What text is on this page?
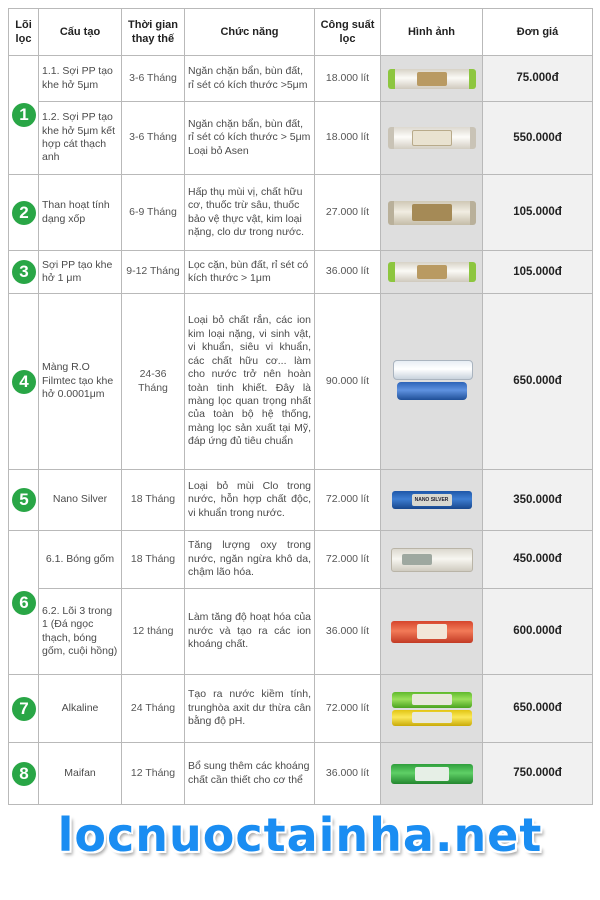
Lõi lọc	Cấu tạo	Thời gian thay thế	Chức năng	Công suất lọc	Hình ảnh	Đơn giá
1	1.1. Sợi PP tạo khe hở 5μm	3-6 Tháng	Ngăn chặn bẩn, bùn đất, rỉ sét có kích thước >5μm	18.000 lít		75.000đ
	1.2. Sợi PP tạo khe hở 5μm kết hợp cát thạch anh	3-6 Tháng	Ngăn chặn bẩn, bùn đất, rỉ sét có kích thước > 5μm Loại bỏ Asen	18.000 lít		550.000đ
2	Than hoạt tính dạng xốp	6-9 Tháng	Hấp thụ mùi vị, chất hữu cơ, thuốc trừ sâu, thuốc bảo vệ thực vật, kim loại nặng, clo dư trong nước.	27.000 lít		105.000đ
3	Sợi PP tạo khe hở 1 μm	9-12 Tháng	Lọc cặn, bùn đất, rỉ sét có kích thước > 1μm	36.000 lít		105.000đ
4	Màng R.O Filmtec tạo khe hở 0.0001μm	24-36 Tháng	Loại bỏ chất rắn, các ion kim loại nặng, vi sinh vật, vi khuẩn, siêu vi khuẩn, các chất hữu cơ... làm cho nước trở nên hoàn toàn tinh khiết. Đây là màng lọc quan trọng nhất của toàn bộ hệ thống, màng lọc sản xuất tại Mỹ, đáp ứng đủ tiêu chuẩn	90.000 lít		650.000đ
5	Nano Silver	18 Tháng	Loại bỏ mùi Clo trong nước, hỗn hợp chất độc, vi khuẩn trong nước.	72.000 lít	NANO SILVER	350.000đ
6	6.1. Bóng gốm	18 Tháng	Tăng lượng oxy trong nước, ngăn ngừa khô da, chậm lão hóa.	72.000 lít		450.000đ
	6.2. Lõi 3 trong 1 (Đá ngọc thạch, bóng gốm, cuội hồng)	12 tháng	Làm tăng độ hoạt hóa của nước và tạo ra các ion khoáng chất.	36.000 lít		600.000đ
7	Alkaline	24 Tháng	Tạo ra nước kiềm tính, trunghòa axit dư thừa cân bằng độ pH.	72.000 lít		650.000đ
8	Maifan	12 Tháng	Bổ sung thêm các khoáng chất cần thiết cho cơ thể	36.000 lít		750.000đ
locnuoctainha.net
